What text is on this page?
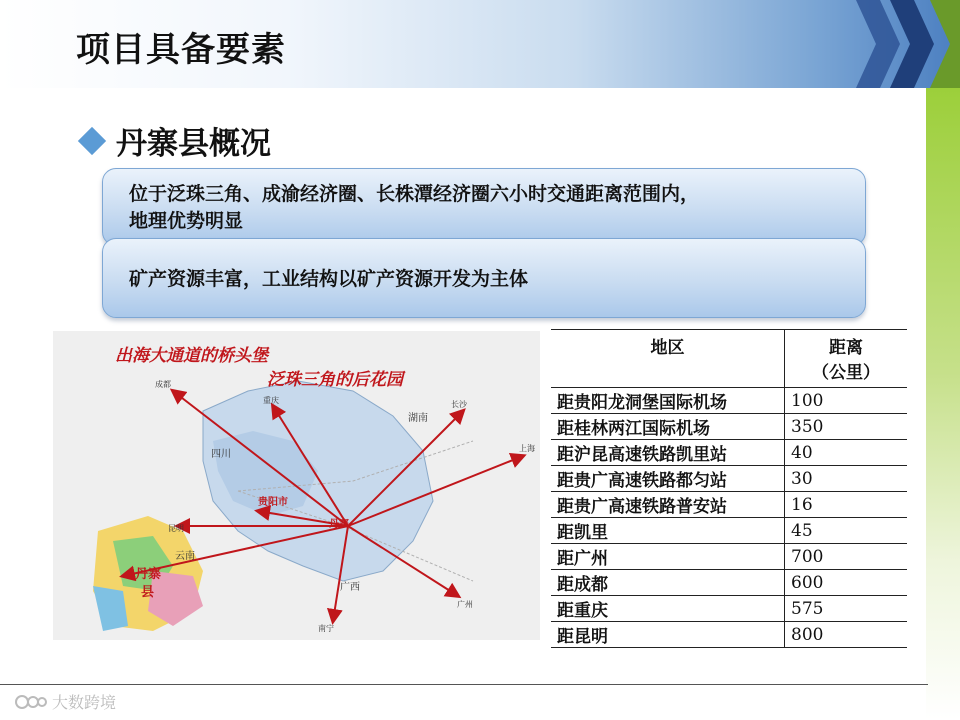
项目具备要素
丹寨县概况
位于泛珠三角、成渝经济圈、长株潭经济圈六小时交通距离范围内，
地理优势明显
矿产资源丰富，工业结构以矿产资源开发为主体
出海大通道的桥头堡
泛珠三角的后花园
成都
重庆
四川
湖南
长沙
上海
贵阳市
丹寨
昆明
云南
广西
广州
南宁
丹寨
县
地区	距离
（公里）

距贵阳龙洞堡国际机场	100
距桂林两江国际机场	350
距沪昆高速铁路凯里站	40
距贵广高速铁路都匀站	30
距贵广高速铁路普安站	16
距凯里	45
距广州	700
距成都	600
距重庆	575
距昆明	800
大数跨境
